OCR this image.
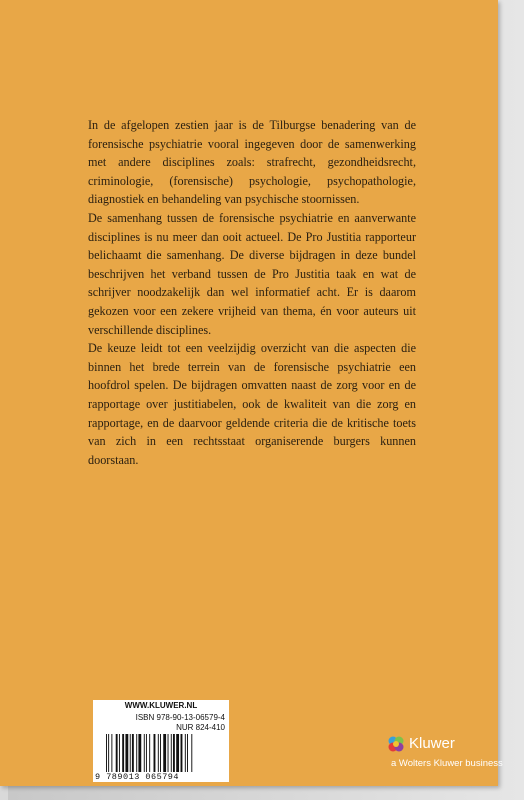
In de afgelopen zestien jaar is de Tilburgse benadering van de forensische psychiatrie vooral ingegeven door de samenwerking met andere disciplines zoals: strafrecht, gezondheidsrecht, criminologie, (forensische) psychologie, psychopathologie, diagnostiek en behandeling van psychische stoornissen.

De samenhang tussen de forensische psychiatrie en aanverwante disciplines is nu meer dan ooit actueel. De Pro Justitia rapporteur belichaamt die samenhang. De diverse bijdragen in deze bundel beschrijven het verband tussen de Pro Justitia taak en wat de schrijver noodzakelijk dan wel informatief acht. Er is daarom gekozen voor een zekere vrijheid van thema, én voor auteurs uit verschillende disciplines.

De keuze leidt tot een veelzijdig overzicht van die aspecten die binnen het brede terrein van de forensische psychiatrie een hoofdrol spelen. De bijdragen omvatten naast de zorg voor en de rapportage over justitiabelen, ook de kwaliteit van die zorg en rapportage, en de daarvoor geldende criteria die de kritische toets van zich in een rechtsstaat organiserende burgers kunnen doorstaan.

WWW.KLUWER.NL
ISBN 978-90-13-06579-4
NUR 824-410
9 789013 065794
Kluwer
a Wolters Kluwer business
